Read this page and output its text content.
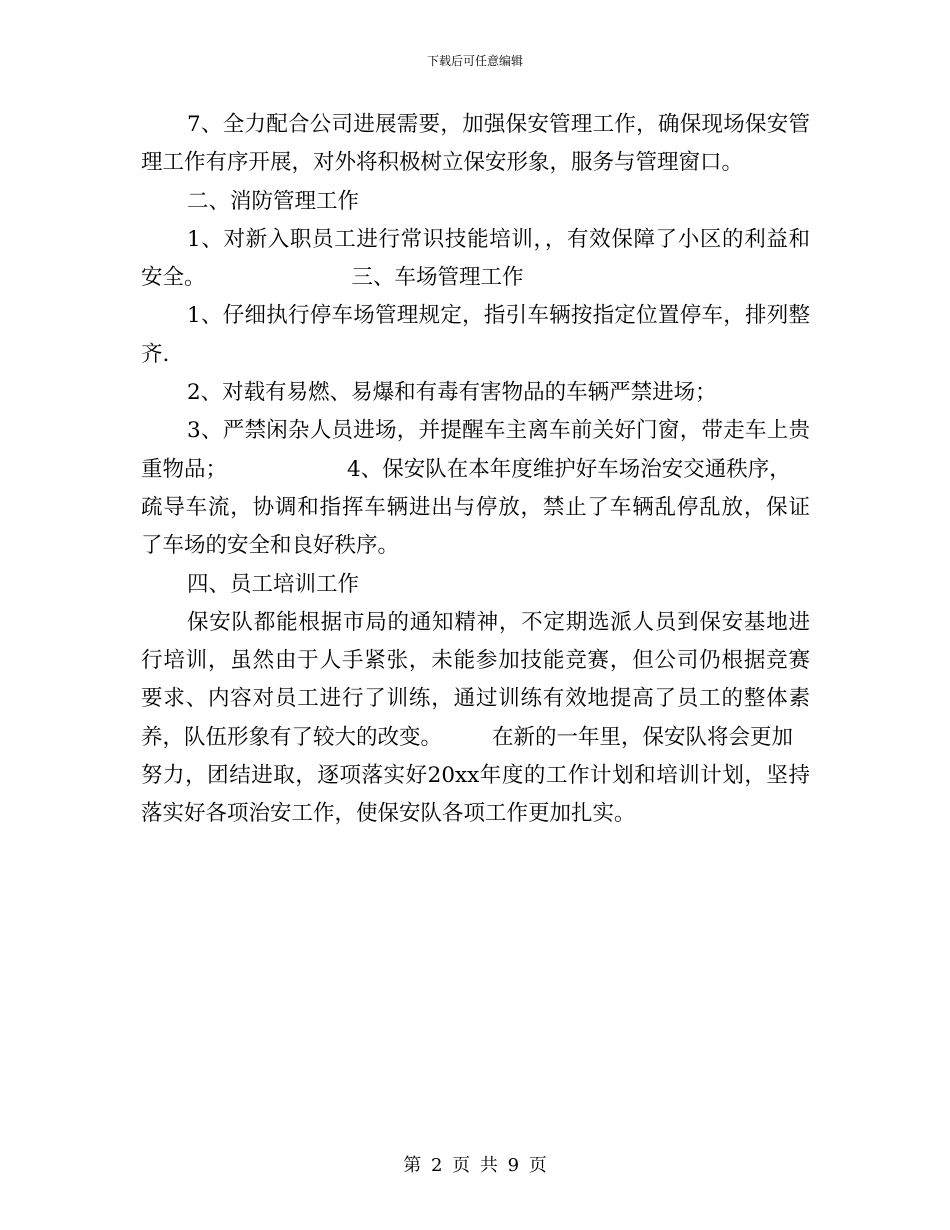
下载后可任意编辑

7、全力配合公司进展需要，加强保安管理工作，确保现场保安管

理工作有序开展，对外将积极树立保安形象，服务与管理窗口。

二、消防管理工作

1、对新入职员工进行常识技能培训，，有效保障了小区的利益和

安全。	三、车场管理工作

1、仔细执行停车场管理规定，指引车辆按指定位置停车，排列整

齐.

2、对载有易燃、易爆和有毒有害物品的车辆严禁进场；

3、严禁闲杂人员进场，并提醒车主离车前关好门窗，带走车上贵

重物品；	4、保安队在本年度维护好车场治安交通秩序，

疏导车流，协调和指挥车辆进出与停放，禁止了车辆乱停乱放，保证

了车场的安全和良好秩序。

四、员工培训工作

保安队都能根据市局的通知精神，不定期选派人员到保安基地进

行培训，虽然由于人手紧张，未能参加技能竞赛，但公司仍根据竞赛

要求、内容对员工进行了训练，通过训练有效地提高了员工的整体素

养，队伍形象有了较大的改变。 在新的一年里，保安队将会更加

努力，团结进取，逐项落实好20xx年度的工作计划和培训计划，坚持

落实好各项治安工作，使保安队各项工作更加扎实。

第 2 页 共 9 页
